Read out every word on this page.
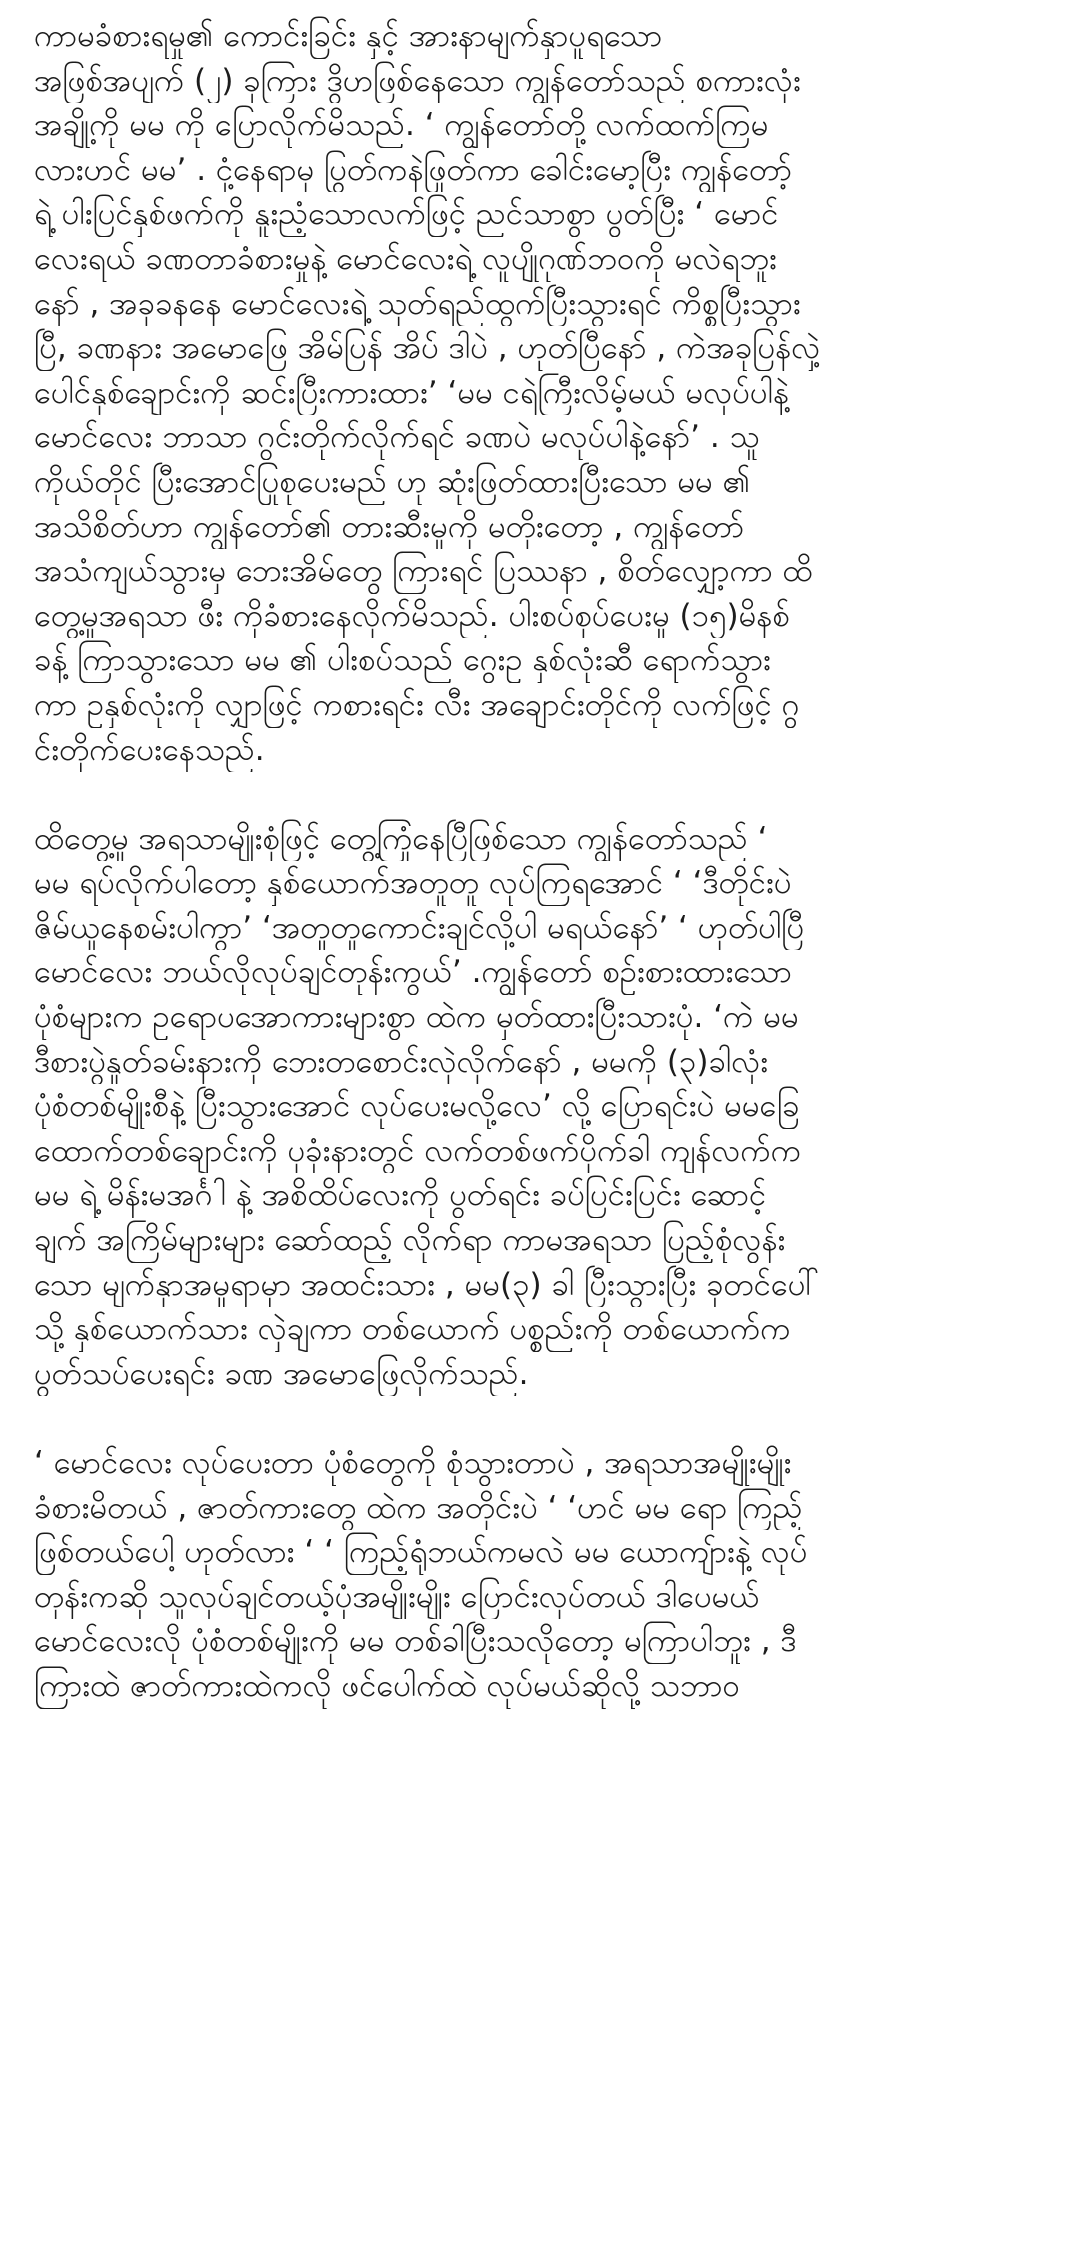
ကာမခံစားရမှု၏ ကောင်းခြင်း နှင့် အားနာမျက်နှာပူရသော
အဖြစ်အပျက် (၂) ခုကြား ဒွိဟဖြစ်နေသော ကျွန်တော်သည် စကားလုံး
အချို့ကို မမ ကို ပြောလိုက်မိသည်. ‘ ကျွန်တော်တို့ လက်ထက်ကြမ
လားဟင် မမ’ . ငုံ့နေရာမှ ပြွတ်ကနဲဖြုတ်ကာ ခေါင်းမော့ပြီး ကျွန်တော့်
ရဲ့ ပါးပြင်နှစ်ဖက်ကို နူးညံ့သောလက်ဖြင့် ညင်သာစွာ ပွတ်ပြီး ‘ မောင်
လေးရယ် ခဏတာခံစားမှုနဲ့ မောင်လေးရဲ့ လူပျိုဂုဏ်ဘဝကို မလဲရဘူး
နော် , အခုခနနေ မောင်လေးရဲ့ သုတ်ရည်ထွက်ပြီးသွားရင် ကိစ္စပြီးသွား
ပြီ, ခဏနား အမောဖြေ အိမ်ပြန် အိပ် ဒါပဲ , ဟုတ်ပြီနော် , ကဲအခုပြန်လှဲ့
ပေါင်နှစ်ချောင်းကို ဆင်းပြီးကားထား’ ‘မမ ငရဲကြီးလိမ့်မယ် မလုပ်ပါနဲ့
မောင်လေး ဘာသာ ဂွင်းတိုက်လိုက်ရင် ခဏပဲ မလုပ်ပါနဲ့နော်’ . သူ
ကိုယ်တိုင် ပြီးအောင်ပြုစုပေးမည် ဟု ဆုံးဖြတ်ထားပြီးသော မမ ၏
အသိစိတ်ဟာ ကျွန်တော်၏ တားဆီးမှုကို မတိုးတော့ , ကျွန်တော်
အသံကျယ်သွားမှ ဘေးအိမ်တွေ ကြားရင် ပြဿနာ , စိတ်လျှော့ကာ ထိ
တွေ့မှုအရသာ ဖီး ကိုခံစားနေလိုက်မိသည်. ပါးစပ်စုပ်ပေးမှု (၁၅)မိနစ်
ခန့် ကြာသွားသော မမ ၏ ပါးစပ်သည် ဂွေးဥ နှစ်လုံးဆီ ရောက်သွား
ကာ ဥနှစ်လုံးကို လျှာဖြင့် ကစားရင်း လီး အချောင်းတိုင်ကို လက်ဖြင့် ဂွ
င်းတိုက်ပေးနေသည်.
ထိတွေ့မှု အရသာမျိုးစုံဖြင့် တွေ့ကြုံနေပြီဖြစ်သော ကျွန်တော်သည် ‘
မမ ရပ်လိုက်ပါတော့ နှစ်ယောက်အတူတူ လုပ်ကြရအောင် ‘ ‘ဒီတိုင်းပဲ
ဇိမ်ယူနေစမ်းပါကွာ’ ‘အတူတူကောင်းချင်လို့ပါ မရယ်နော်’ ‘ ဟုတ်ပါပြီ
မောင်လေး ဘယ်လိုလုပ်ချင်တုန်းကွယ်’ .ကျွန်တော် စဉ်းစားထားသော
ပုံစံများက ဥရောပအောကားများစွာ ထဲက မှတ်ထားပြီးသားပုံ. ‘ကဲ မမ
ဒီစားပွဲနှုတ်ခမ်းနားကို ဘေးတစောင်းလှဲလိုက်နော် , မမကို (၃)ခါလုံး
ပုံစံတစ်မျိုးစီနဲ့ ပြီးသွားအောင် လုပ်ပေးမလို့လေ’ လို့ ပြောရင်းပဲ မမခြေ
ထောက်တစ်ချောင်းကို ပုခုံးနားတွင် လက်တစ်ဖက်ပိုက်ခါ ကျန်လက်က
မမ ရဲ့ မိန်းမအင်္ဂါ နဲ့ အစိထိပ်လေးကို ပွတ်ရင်း ခပ်ပြင်းပြင်း ဆောင့်
ချက် အကြိမ်များများ ဆော်ထည့် လိုက်ရာ ကာမအရသာ ပြည့်စုံလွန်း
သော မျက်နှာအမူရာမှာ အထင်းသား , မမ(၃) ခါ ပြီးသွားပြီး ခုတင်ပေါ်
သို့ နှစ်ယောက်သား လှဲချကာ တစ်ယောက် ပစ္စည်းကို တစ်ယောက်က
ပွတ်သပ်ပေးရင်း ခဏ အမောဖြေလိုက်သည်.
‘ မောင်လေး လုပ်ပေးတာ ပုံစံတွေကို စုံသွားတာပဲ , အရသာအမျိုးမျိုး
ခံစားမိတယ် , ဇာတ်ကားတွေ ထဲက အတိုင်းပဲ ‘ ‘ဟင် မမ ရော ကြည့်
ဖြစ်တယ်ပေါ့ ဟုတ်လား ‘ ‘ ကြည့်ရုံဘယ်ကမလဲ မမ ယောကျ်ားနဲ့ လုပ်
တုန်းကဆို သူလုပ်ချင်တယ့်ပုံအမျိုးမျိုး ပြောင်းလုပ်တယ် ဒါပေမယ်
မောင်လေးလို ပုံစံတစ်မျိုးကို မမ တစ်ခါပြီးသလိုတော့ မကြာပါဘူး , ဒီ
ကြားထဲ ဇာတ်ကားထဲကလို ဖင်ပေါက်ထဲ လုပ်မယ်ဆိုလို့ သဘာဝ
